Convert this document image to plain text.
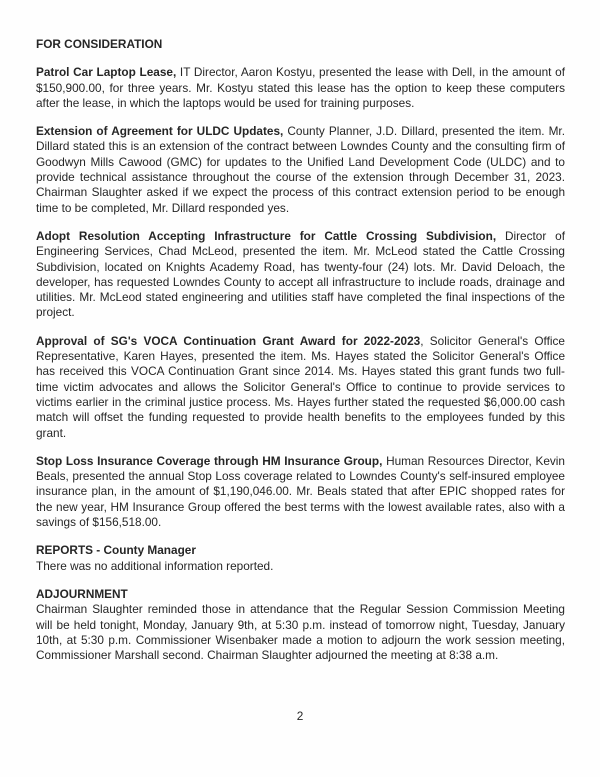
FOR CONSIDERATION

Patrol Car Laptop Lease, IT Director, Aaron Kostyu, presented the lease with Dell, in the amount of $150,900.00, for three years. Mr. Kostyu stated this lease has the option to keep these computers after the lease, in which the laptops would be used for training purposes.

Extension of Agreement for ULDC Updates, County Planner, J.D. Dillard, presented the item. Mr. Dillard stated this is an extension of the contract between Lowndes County and the consulting firm of Goodwyn Mills Cawood (GMC) for updates to the Unified Land Development Code (ULDC) and to provide technical assistance throughout the course of the extension through December 31, 2023. Chairman Slaughter asked if we expect the process of this contract extension period to be enough time to be completed, Mr. Dillard responded yes.

Adopt Resolution Accepting Infrastructure for Cattle Crossing Subdivision, Director of Engineering Services, Chad McLeod, presented the item. Mr. McLeod stated the Cattle Crossing Subdivision, located on Knights Academy Road, has twenty-four (24) lots. Mr. David Deloach, the developer, has requested Lowndes County to accept all infrastructure to include roads, drainage and utilities. Mr. McLeod stated engineering and utilities staff have completed the final inspections of the project.

Approval of SG's VOCA Continuation Grant Award for 2022-2023, Solicitor General's Office Representative, Karen Hayes, presented the item. Ms. Hayes stated the Solicitor General's Office has received this VOCA Continuation Grant since 2014. Ms. Hayes stated this grant funds two full-time victim advocates and allows the Solicitor General's Office to continue to provide services to victims earlier in the criminal justice process. Ms. Hayes further stated the requested $6,000.00 cash match will offset the funding requested to provide health benefits to the employees funded by this grant.

Stop Loss Insurance Coverage through HM Insurance Group, Human Resources Director, Kevin Beals, presented the annual Stop Loss coverage related to Lowndes County's self-insured employee insurance plan, in the amount of $1,190,046.00. Mr. Beals stated that after EPIC shopped rates for the new year, HM Insurance Group offered the best terms with the lowest available rates, also with a savings of $156,518.00.

REPORTS - County Manager

There was no additional information reported.

ADJOURNMENT

Chairman Slaughter reminded those in attendance that the Regular Session Commission Meeting will be held tonight, Monday, January 9th, at 5:30 p.m. instead of tomorrow night, Tuesday, January 10th, at 5:30 p.m. Commissioner Wisenbaker made a motion to adjourn the work session meeting, Commissioner Marshall second. Chairman Slaughter adjourned the meeting at 8:38 a.m.

2
